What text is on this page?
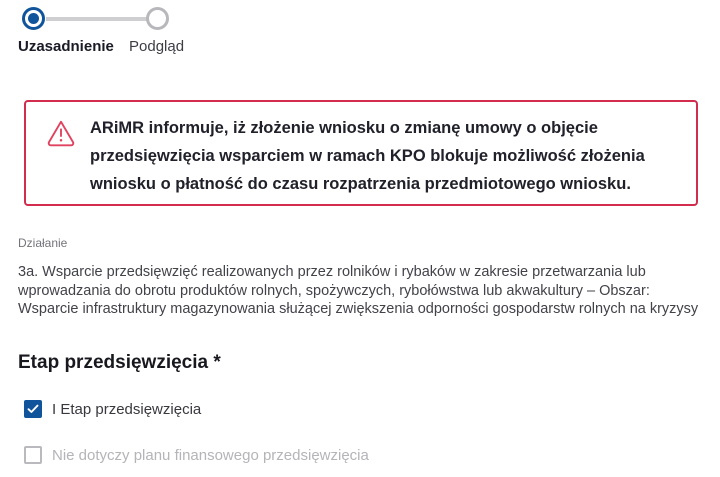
Uzasadnienie Podgląd
ARiMR informuje, iż złożenie wniosku o zmianę umowy o objęcie przedsięwzięcia wsparciem w ramach KPO blokuje możliwość złożenia wniosku o płatność do czasu rozpatrzenia przedmiotowego wniosku.
Działanie
3a. Wsparcie przedsięwzięć realizowanych przez rolników i rybaków w zakresie przetwarzania lub wprowadzania do obrotu produktów rolnych, spożywczych, rybołówstwa lub akwakultury – Obszar: Wsparcie infrastruktury magazynowania służącej zwiększenia odporności gospodarstw rolnych na kryzysy
Etap przedsięwzięcia *
I Etap przedsięwzięcia
Nie dotyczy planu finansowego przedsięwzięcia
